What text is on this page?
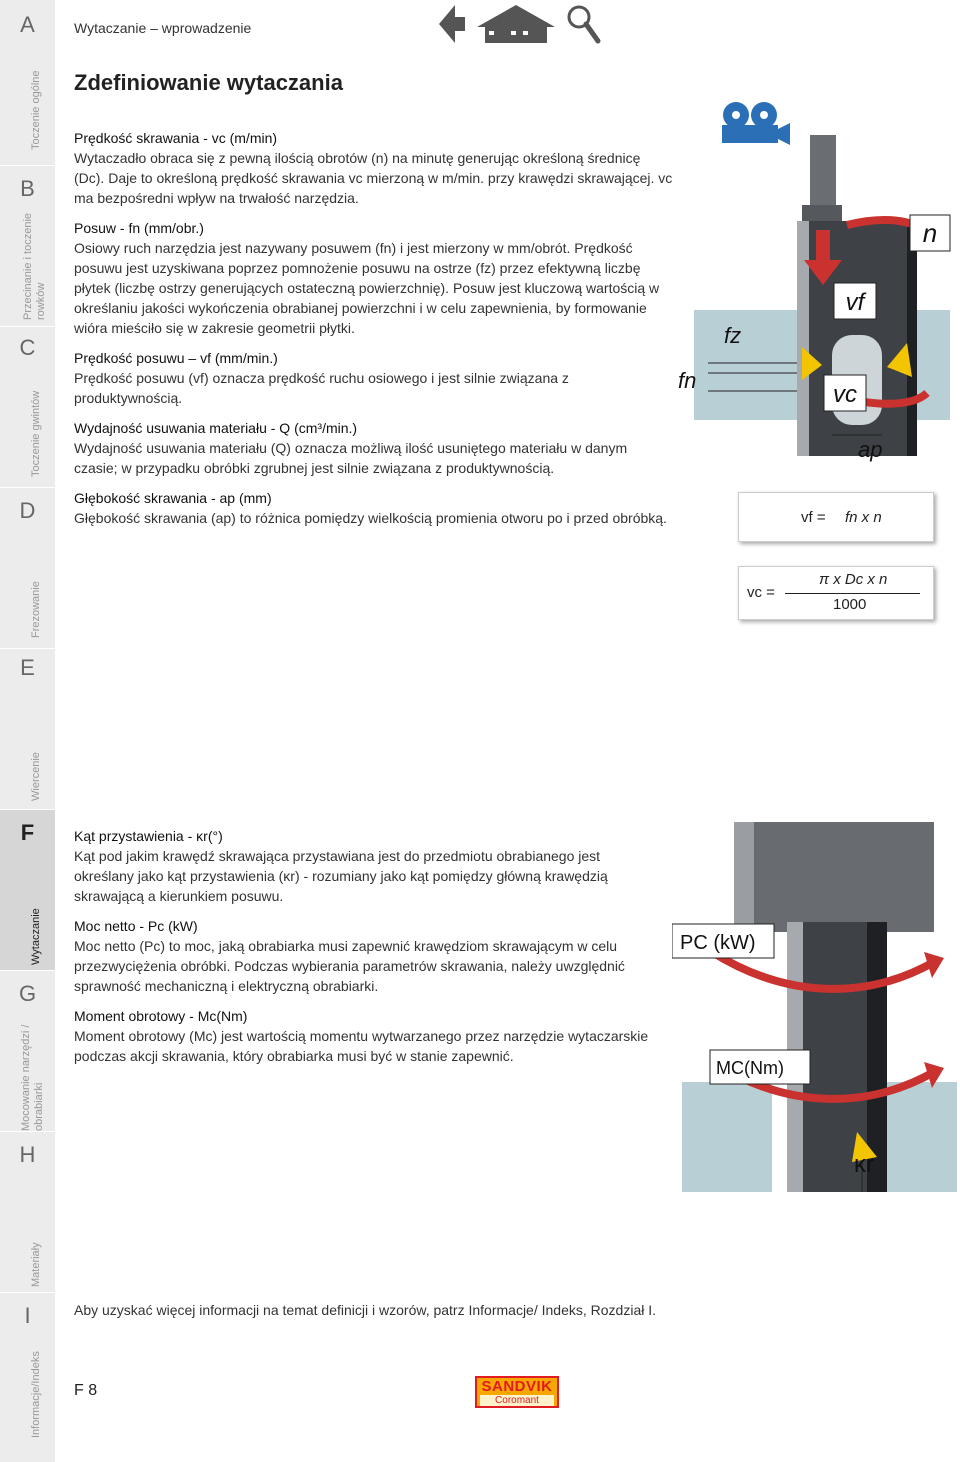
A
Toczenie ogólne
B
Przecinanie i toczenie rowków
C
Toczenie gwintów
D
Frezowanie
E
Wiercenie
F
Wytaczanie
G
Mocowanie narzędzi / obrabiarki
H
Materiały
I
Informacje/Indeks
Wytaczanie – wprowadzenie
Zdefiniowanie wytaczania
Prędkość skrawania - vc (m/min)

Wytaczadło obraca się z pewną ilością obrotów (n) na minutę generując określoną średnicę (Dc). Daje to określoną prędkość skrawania vc mierzoną w m/min. przy krawędzi skrawającej. vc ma bezpośredni wpływ na trwałość narzędzia.

Posuw - fn (mm/obr.)

Osiowy ruch narzędzia jest nazywany posuwem (fn) i jest mierzony w mm/obrót. Prędkość posuwu jest uzyskiwana poprzez pomnożenie posuwu na ostrze (fz) przez efektywną liczbę płytek (liczbę ostrzy generujących ostateczną powierzchnię). Posuw jest kluczową wartością w określaniu jakości wykończenia obrabianej powierzchni i w celu zapewnienia, by formowanie wióra mieściło się w zakresie geometrii płytki.

Prędkość posuwu – vf (mm/min.)

Prędkość posuwu (vf) oznacza prędkość ruchu osiowego i jest silnie związana z produktywnością.

Wydajność usuwania materiału - Q (cm³/min.)

Wydajność usuwania materiału (Q) oznacza możliwą ilość usuniętego materiału w danym czasie; w przypadku obróbki zgrubnej jest silnie związana z produktywnością.

Głębokość skrawania - ap (mm)

Głębokość skrawania (ap) to różnica pomiędzy wielkością promienia otworu po i przed obróbką.

Kąt przystawienia - κr(°)

Kąt pod jakim krawędź skrawająca przystawiana jest do przedmiotu obrabianego jest określany jako kąt przystawienia (κr) - rozumiany jako kąt pomiędzy główną krawędzią skrawającą a kierunkiem posuwu.

Moc netto - Pc (kW)

Moc netto (Pc) to moc, jaką obrabiarka musi zapewnić krawędziom skrawającym w celu przezwyciężenia obróbki. Podczas wybierania parametrów skrawania, należy uwzględnić sprawność mechaniczną i elektryczną obrabiarki.

Moment obrotowy - Mc(Nm)

Moment obrotowy (Mc) jest wartością momentu wytwarzanego przez narzędzie wytaczarskie podczas akcji skrawania, który obrabiarka musi być w stanie zapewnić.

n
vf
vc
fz
fn
ap
vf = fn x n
vc =
π x Dc x n
1000
PC (kW)
MC(Nm)
κr
Aby uzyskać więcej informacji na temat definicji i wzorów, patrz Informacje/ Indeks, Rozdział I.
F 8	SANDVIK
Coromant
